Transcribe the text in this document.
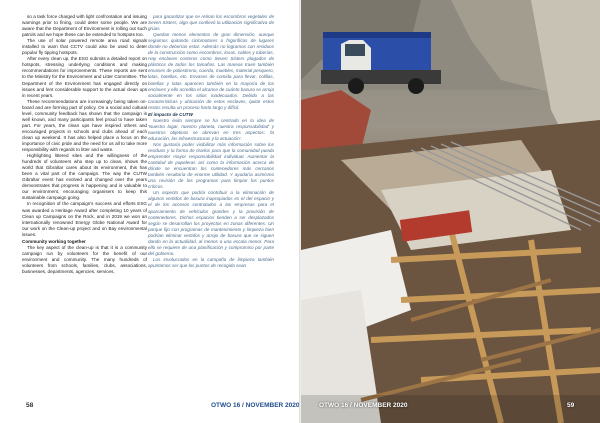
so a task force charged with light confrontation and issuing warnings prior to fining, could deter some people. We are aware that the Department of Environment is rolling out such patrols and we hope these can be extended to hotspots too.

The use of solar powered remote area road signals installed to warn that CCTV could also be used to deter popular fly tipping hotspots.

After every clean up, the ESG submits a detailed report on hotspots, stressing underlying conditions and making recommendations for improvements. These reports are sent to the Ministry for the Environment and Litter Committee. The Department of the Environment has engaged directly on issues and lent considerable support to the actual clean ups in recent years.

These recommendations are increasingly being taken on-board and are forming part of policy. On a social and cultural level, community feedback has shown that the campaign is well known, and many participants feel proud to have taken part. For years, the clean ups have inspired others and encouraged projects in schools and clubs ahead of each clean up weekend. It has also helped place a focus on the importance of civic pride and the need for us all to take more responsibility with regards to litter and waste.

Highlighting littered sites and the willingness of the hundreds of volunteers who step up to clean, shows the world that Gibraltar cares about its environment, this has been a vital part of the campaign. The way the CUTW Gibraltar event has evolved and changed over the years demonstrates that progress is happening and is valuable to our environment, encouraging organisers to keep this sustainable campaign going.

In recognition of the campaign's success and efforts ESG was awarded a Heritage Award after completing 10 years of Clean up Campaigns on the Rock, and in 2019 we won an internationally renowned Energy Globe National Award for our work on the Clean-up project and on Bay environmental issues.

Community working together

The key aspect of the clean-up is that it is a community campaign run by volunteers for the benefit of our environment and community. The many hundreds of volunteers from schools, families, clubs, associations, businesses, departments, agencies, services,

para garantizar que se retiran los escombros vegetales de Seven Sisters, algo que conllevó la utilización significativa de grúas.

Quedan menos elementos de gran dimensión, aunque seguimos quitando ciclomotores o frigoríficos de lugares donde no deberían estar. Además no logramos con residuos de la construcción como escombros, losas, cables y tuberías. Hay enclaves costeros como Seven Sisters plagados de plásticos de todos los tamaños. Las mareas traen también envases de poliestireno, cuerda, muebles, material pesquero, latas, botellas, etc. Envases de comida para llevar, colillas, botellas y latas aparecen también en la mayoría de los enclaves y ello acredita el alcance de cuánto basura se arroja socialmente en los sitios inadecuados. Debido a las características y ubicación de estos enclaves, quitar estos restos resulta un proceso harto largo y difícil.

El impacto de CUTW

Nuestro éxito siempre se ha centrado en la idea de 'Nuestro lugar, nuestro planeta, nuestra responsabilidad' y nuestros objetivos se abrevan en tres aspectos: 'la educación, las infraestructuras y la actuación'.

Nos gustaría poder visibilizar más información sobre los residuos y la forma de tirarlos para que la comunidad pueda emprender mayor responsabilidad individual. Aumentar la cantidad de papeleras así como la información acerca de dónde se encuentran los contenedores más cercanos también resultaría de enorme utilidad. Y ayudaría asimismo una revisión de los programas para limpiar los puntos críticos.

Un aspecto que podría contribuir a la eliminación de algunos vertidos de basura inapropiados es el del espacio y el de los accesos controlados a las empresas para el aparcamiento de vehículos grandes y la provisión de contenedores. Dichos espacios tienden a ser desplazados según se desarrollan los proyectos en zonas diferentes. Un parque fijo con programas de mantenimiento y limpieza bien podrían eliminar vertidos y arrojo de basura que se siguen dando en la actualidad, al menos a una escala menor. Para ello se requiere de una planificación y compromiso por parte del gobierno.

Los involucrados en la campaña de limpieza también apuntamos ser que los puntos de recogida sean

58	OTWO 16 / NOVEMBER 2020	OTWO 16 / NOVEMBER 2020	59
